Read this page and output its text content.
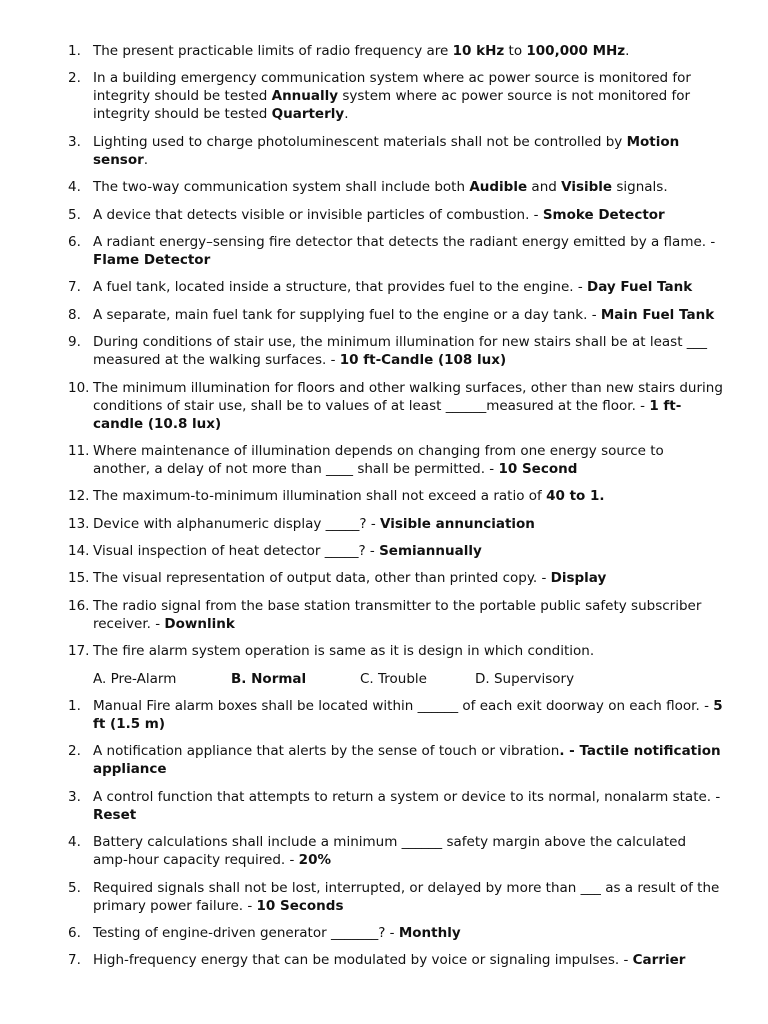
1. The present practicable limits of radio frequency are 10 kHz to 100,000 MHz.
2. In a building emergency communication system where ac power source is monitored for integrity should be tested Annually system where ac power source is not monitored for integrity should be tested Quarterly.
3. Lighting used to charge photoluminescent materials shall not be controlled by Motion sensor.
4. The two-way communication system shall include both Audible and Visible signals.
5. A device that detects visible or invisible particles of combustion. - Smoke Detector
6. A radiant energy–sensing fire detector that detects the radiant energy emitted by a flame. - Flame Detector
7. A fuel tank, located inside a structure, that provides fuel to the engine. - Day Fuel Tank
8. A separate, main fuel tank for supplying fuel to the engine or a day tank. - Main Fuel Tank
9. During conditions of stair use, the minimum illumination for new stairs shall be at least ___ measured at the walking surfaces. - 10 ft-Candle (108 lux)
10. The minimum illumination for floors and other walking surfaces, other than new stairs during conditions of stair use, shall be to values of at least ______measured at the floor. - 1 ft-candle (10.8 lux)
11. Where maintenance of illumination depends on changing from one energy source to another, a delay of not more than ____ shall be permitted. - 10 Second
12. The maximum-to-minimum illumination shall not exceed a ratio of 40 to 1.
13. Device with alphanumeric display _____? - Visible annunciation
14. Visual inspection of heat detector _____? - Semiannually
15. The visual representation of output data, other than printed copy. - Display
16. The radio signal from the base station transmitter to the portable public safety subscriber receiver. - Downlink
17. The fire alarm system operation is same as it is design in which condition.
A. Pre-Alarm	B. Normal	C. Trouble	D. Supervisory
1. Manual Fire alarm boxes shall be located within ______ of each exit doorway on each floor. - 5 ft (1.5 m)
2. A notification appliance that alerts by the sense of touch or vibration. - Tactile notification appliance
3. A control function that attempts to return a system or device to its normal, nonalarm state. - Reset
4. Battery calculations shall include a minimum ______ safety margin above the calculated amp-hour capacity required. - 20%
5. Required signals shall not be lost, interrupted, or delayed by more than ___ as a result of the primary power failure. - 10 Seconds
6. Testing of engine-driven generator _______? - Monthly
7. High-frequency energy that can be modulated by voice or signaling impulses. - Carrier
